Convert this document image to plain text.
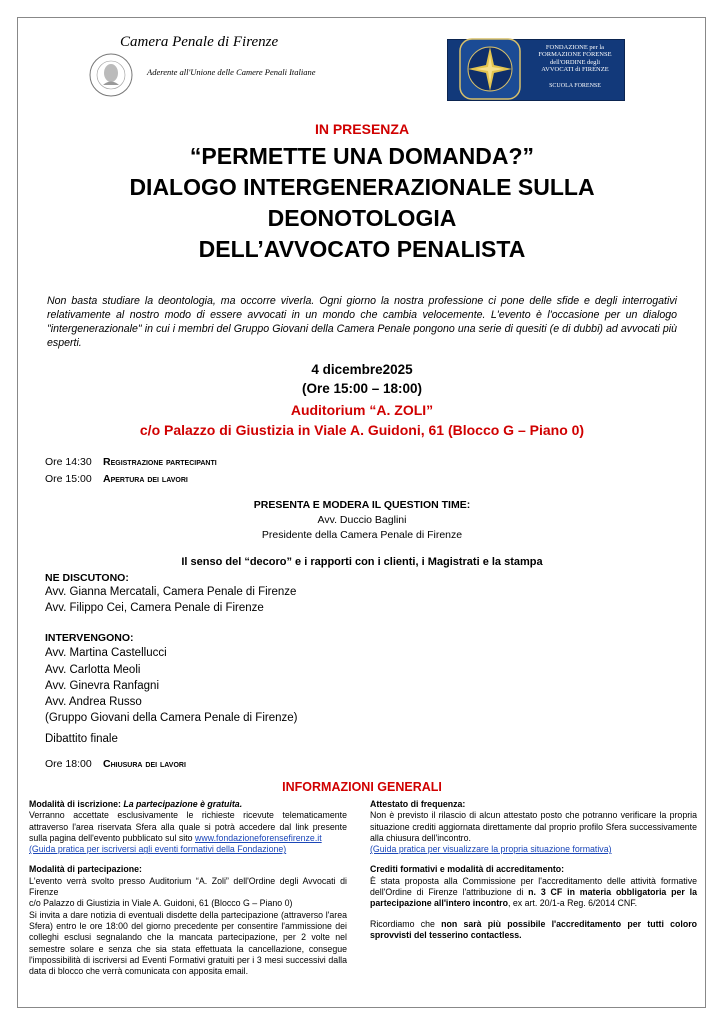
Camera Penale di Firenze
Aderente all'Unione delle Camere Penali Italiane
FONDAZIONE per la
FORMAZIONE FORENSE
dell'ORDINE degli
AVVOCATI di FIRENZE
SCUOLA FORENSE
IN PRESENZA
“PERMETTE UNA DOMANDA?”
DIALOGO INTERGENERAZIONALE SULLA
DEONOTOLOGIA
DELL’AVVOCATO PENALISTA
Non basta studiare la deontologia, ma occorre viverla. Ogni giorno la nostra professione ci pone delle sfide e degli interrogativi relativamente al nostro modo di essere avvocati in un mondo che cambia velocemente. L'evento è l'occasione per un dialogo "intergenerazionale" in cui i membri del Gruppo Giovani della Camera Penale pongono una serie di quesiti (e di dubbi) ad avvocati più esperti.
4 dicembre2025
(Ore 15:00 – 18:00)
Auditorium “A. ZOLI”
c/o Palazzo di Giustizia in Viale A. Guidoni, 61 (Blocco G – Piano 0)
Ore 14:30 Registrazione partecipanti
Ore 15:00 Apertura dei lavori
PRESENTA E MODERA IL QUESTION TIME:
Avv. Duccio Baglini
Presidente della Camera Penale di Firenze
Il senso del “decoro” e i rapporti con i clienti, i Magistrati e la stampa
NE DISCUTONO:
Avv. Gianna Mercatali, Camera Penale di Firenze
Avv. Filippo Cei, Camera Penale di Firenze
INTERVENGONO:
Avv. Martina Castellucci
Avv. Carlotta Meoli
Avv. Ginevra Ranfagni
Avv. Andrea Russo
(Gruppo Giovani della Camera Penale di Firenze)
Dibattito finale
Ore 18:00 Chiusura dei lavori
INFORMAZIONI GENERALI

Modalità di iscrizione: La partecipazione è gratuita.

Verranno accettate esclusivamente le richieste ricevute telematicamente attraverso l'area riservata Sfera alla quale si potrà accedere dal link presente sulla pagina dell'evento pubblicato sul sito www.fondazioneforensefirenze.it

(Guida pratica per iscriversi agli eventi formativi della Fondazione)

Modalità di partecipazione:

L'evento verrà svolto presso Auditorium “A. Zoli” dell'Ordine degli Avvocati di Firenze

c/o Palazzo di Giustizia in Viale A. Guidoni, 61 (Blocco G – Piano 0)

Si invita a dare notizia di eventuali disdette della partecipazione (attraverso l'area Sfera) entro le ore 18:00 del giorno precedente per consentire l'ammissione dei colleghi esclusi segnalando che la mancata partecipazione, per 2 volte nel semestre solare e senza che sia stata effettuata la cancellazione, consegue l'impossibilità di iscriversi ad Eventi Formativi gratuiti per i 3 mesi successivi dalla data di blocco che verrà comunicata con apposita email.

Attestato di frequenza:

Non è previsto il rilascio di alcun attestato posto che potranno verificare la propria situazione crediti aggiornata direttamente dal proprio profilo Sfera successivamente alla chiusura dell'incontro.

(Guida pratica per visualizzare la propria situazione formativa)

Crediti formativi e modalità di accreditamento:

È stata proposta alla Commissione per l'accreditamento delle attività formative dell'Ordine di Firenze l'attribuzione di n. 3 CF in materia obbligatoria per la partecipazione all'intero incontro, ex art. 20/1-a Reg. 6/2014 CNF.

Ricordiamo che non sarà più possibile l'accreditamento per tutti coloro sprovvisti del tesserino contactless.
